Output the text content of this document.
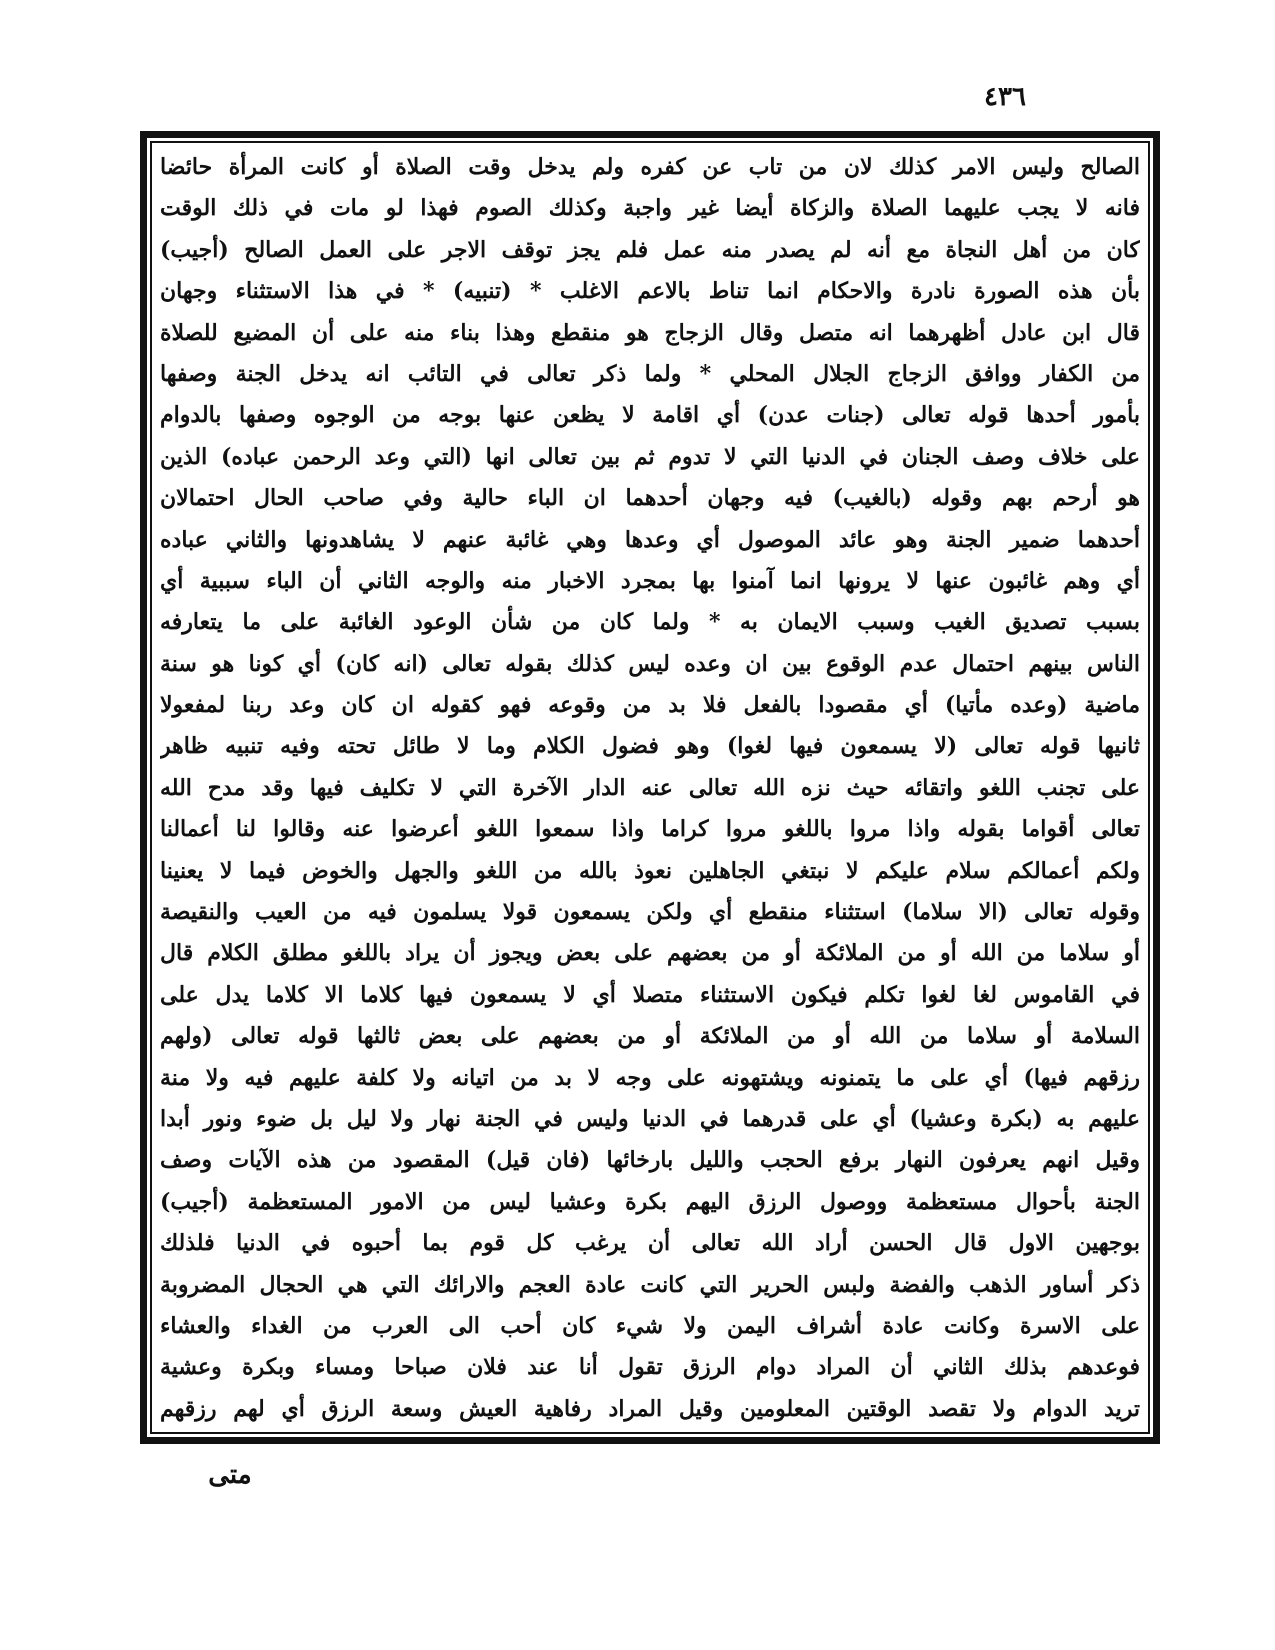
٤٣٦
الصالح وليس الامر كذلك لان من تاب عن كفره ولم يدخل وقت الصلاة أو كانت المرأة حائضا
فانه لا يجب عليهما الصلاة والزكاة أيضا غير واجبة وكذلك الصوم فهذا لو مات في ذلك الوقت
كان من أهل النجاة مع أنه لم يصدر منه عمل فلم يجز توقف الاجر على العمل الصالح (أجيب)
بأن هذه الصورة نادرة والاحكام انما تناط بالاعم الاغلب * (تنبيه) * في هذا الاستثناء وجهان
قال ابن عادل أظهرهما انه متصل وقال الزجاج هو منقطع وهذا بناء منه على أن المضيع للصلاة
من الكفار ووافق الزجاج الجلال المحلي * ولما ذكر تعالى في التائب انه يدخل الجنة وصفها
بأمور أحدها قوله تعالى (جنات عدن) أي اقامة لا يظعن عنها بوجه من الوجوه وصفها بالدوام
على خلاف وصف الجنان في الدنيا التي لا تدوم ثم بين تعالى انها (التي وعد الرحمن عباده) الذين
هو أرحم بهم وقوله (بالغيب) فيه وجهان أحدهما ان الباء حالية وفي صاحب الحال احتمالان
أحدهما ضمير الجنة وهو عائد الموصول أي وعدها وهي غائبة عنهم لا يشاهدونها والثاني عباده
أي وهم غائبون عنها لا يرونها انما آمنوا بها بمجرد الاخبار منه والوجه الثاني أن الباء سببية أي
بسبب تصديق الغيب وسبب الايمان به * ولما كان من شأن الوعود الغائبة على ما يتعارفه
الناس بينهم احتمال عدم الوقوع بين ان وعده ليس كذلك بقوله تعالى (انه كان) أي كونا هو سنة
ماضية (وعده مأتيا) أي مقصودا بالفعل فلا بد من وقوعه فهو كقوله ان كان وعد ربنا لمفعولا
ثانيها قوله تعالى (لا يسمعون فيها لغوا) وهو فضول الكلام وما لا طائل تحته وفيه تنبيه ظاهر
على تجنب اللغو واتقائه حيث نزه الله تعالى عنه الدار الآخرة التي لا تكليف فيها وقد مدح الله
تعالى أقواما بقوله واذا مروا باللغو مروا كراما واذا سمعوا اللغو أعرضوا عنه وقالوا لنا أعمالنا
ولكم أعمالكم سلام عليكم لا نبتغي الجاهلين نعوذ بالله من اللغو والجهل والخوض فيما لا يعنينا
وقوله تعالى (الا سلاما) استثناء منقطع أي ولكن يسمعون قولا يسلمون فيه من العيب والنقيصة
أو سلاما من الله أو من الملائكة أو من بعضهم على بعض ويجوز أن يراد باللغو مطلق الكلام قال
في القاموس لغا لغوا تكلم فيكون الاستثناء متصلا أي لا يسمعون فيها كلاما الا كلاما يدل على
السلامة أو سلاما من الله أو من الملائكة أو من بعضهم على بعض ثالثها قوله تعالى (ولهم
رزقهم فيها) أي على ما يتمنونه ويشتهونه على وجه لا بد من اتيانه ولا كلفة عليهم فيه ولا منة
عليهم به (بكرة وعشيا) أي على قدرهما في الدنيا وليس في الجنة نهار ولا ليل بل ضوء ونور أبدا
وقيل انهم يعرفون النهار برفع الحجب والليل بارخائها (فان قيل) المقصود من هذه الآيات وصف
الجنة بأحوال مستعظمة ووصول الرزق اليهم بكرة وعشيا ليس من الامور المستعظمة (أجيب)
بوجهين الاول قال الحسن أراد الله تعالى أن يرغب كل قوم بما أحبوه في الدنيا فلذلك
ذكر أساور الذهب والفضة ولبس الحرير التي كانت عادة العجم والارائك التي هي الحجال المضروبة
على الاسرة وكانت عادة أشراف اليمن ولا شيء كان أحب الى العرب من الغداء والعشاء
فوعدهم بذلك الثاني أن المراد دوام الرزق تقول أنا عند فلان صباحا ومساء وبكرة وعشية
تريد الدوام ولا تقصد الوقتين المعلومين وقيل المراد رفاهية العيش وسعة الرزق أي لهم رزقهم
متى
